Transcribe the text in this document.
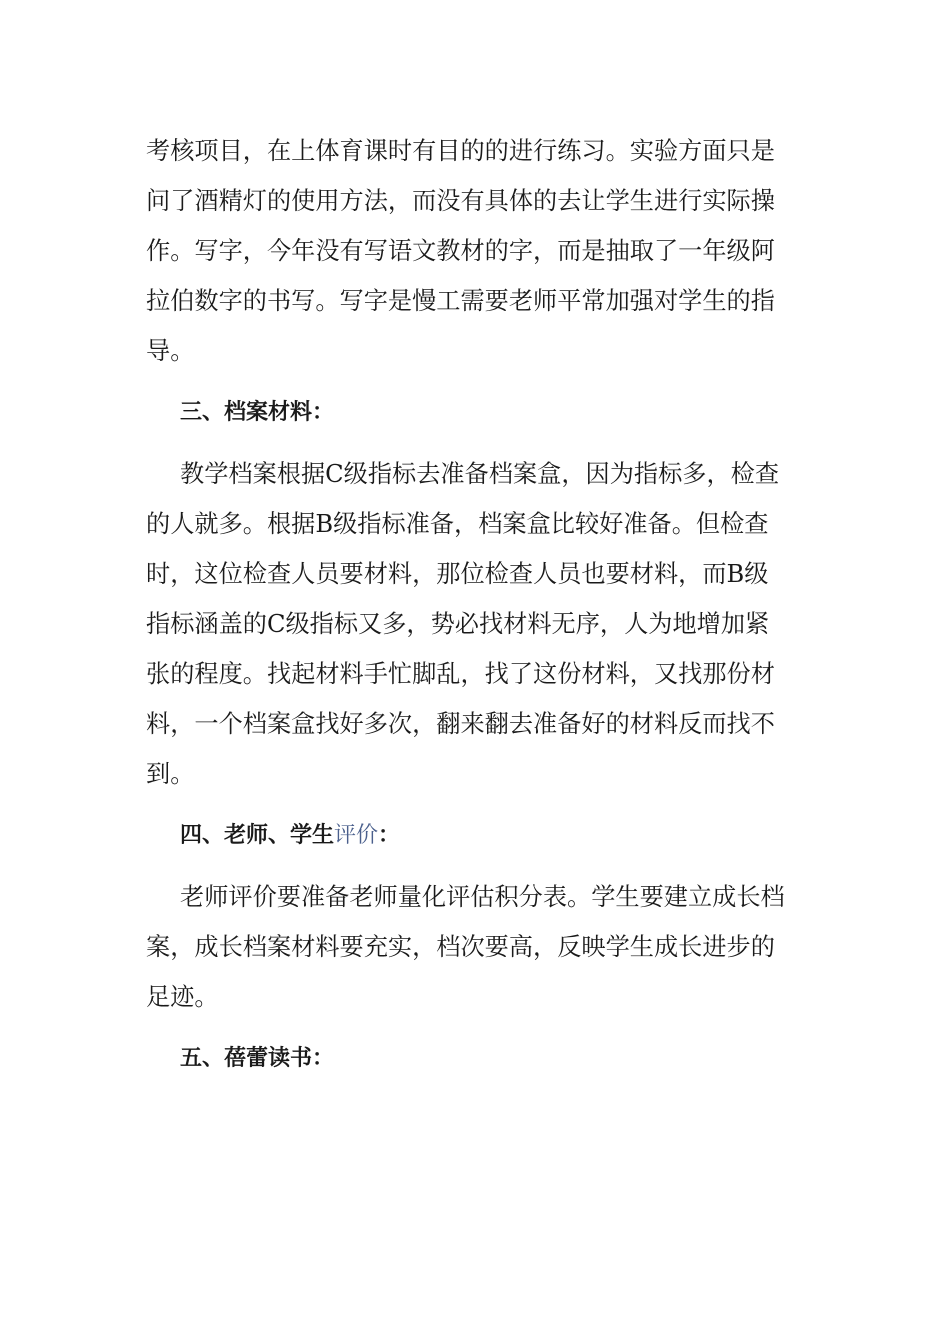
考核项目，在上体育课时有目的的进行练习。实验方面只是
问了酒精灯的使用方法，而没有具体的去让学生进行实际操
作。写字，今年没有写语文教材的字，而是抽取了一年级阿
拉伯数字的书写。写字是慢工需要老师平常加强对学生的指
导。
三、档案材料：
教学档案根据C级指标去准备档案盒，因为指标多，检查
的人就多。根据B级指标准备，档案盒比较好准备。但检查
时，这位检查人员要材料，那位检查人员也要材料，而B级
指标涵盖的C级指标又多，势必找材料无序，人为地增加紧
张的程度。找起材料手忙脚乱，找了这份材料，又找那份材
料，一个档案盒找好多次，翻来翻去准备好的材料反而找不
到。
四、老师、学生评价：
老师评价要准备老师量化评估积分表。学生要建立成长档
案，成长档案材料要充实，档次要高，反映学生成长进步的
足迹。
五、蓓蕾读书：
